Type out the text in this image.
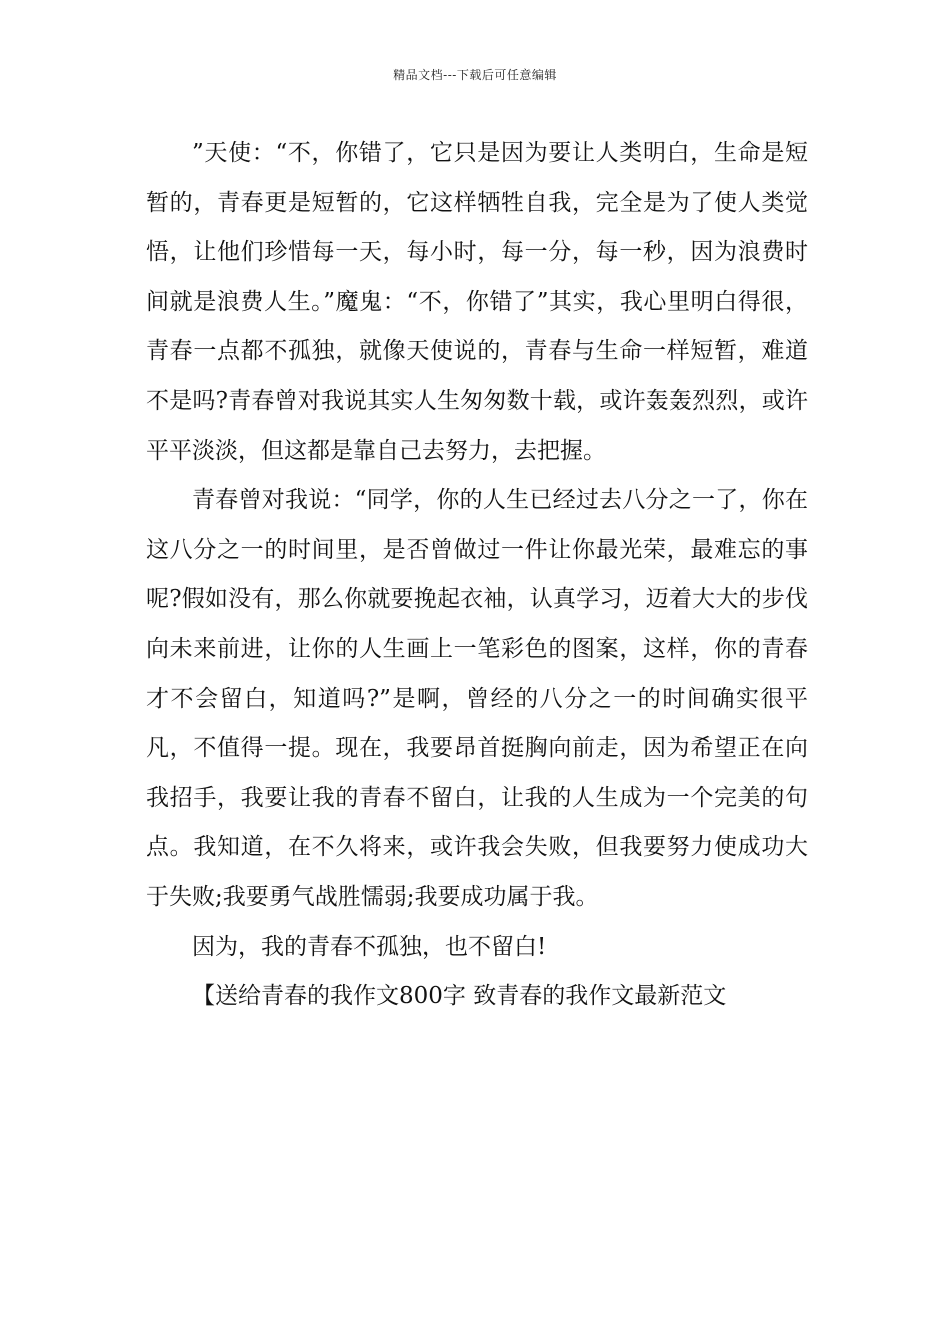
精品文档---下载后可任意编辑

”天使：“不，你错了，它只是因为要让人类明白，生命是短暂的，青春更是短暂的，它这样牺牲自我，完全是为了使人类觉悟，让他们珍惜每一天，每小时，每一分，每一秒，因为浪费时间就是浪费人生。”魔鬼：“不，你错了”其实，我心里明白得很，青春一点都不孤独，就像天使说的，青春与生命一样短暂，难道不是吗?青春曾对我说其实人生匆匆数十载，或许轰轰烈烈，或许平平淡淡，但这都是靠自己去努力，去把握。

青春曾对我说：“同学，你的人生已经过去八分之一了，你在这八分之一的时间里，是否曾做过一件让你最光荣，最难忘的事呢?假如没有，那么你就要挽起衣袖，认真学习，迈着大大的步伐向未来前进，让你的人生画上一笔彩色的图案，这样，你的青春才不会留白，知道吗?”是啊，曾经的八分之一的时间确实很平凡，不值得一提。现在，我要昂首挺胸向前走，因为希望正在向我招手，我要让我的青春不留白，让我的人生成为一个完美的句点。我知道，在不久将来，或许我会失败，但我要努力使成功大于失败;我要勇气战胜懦弱;我要成功属于我。

因为，我的青春不孤独，也不留白!

【送给青春的我作文800字 致青春的我作文最新范文
